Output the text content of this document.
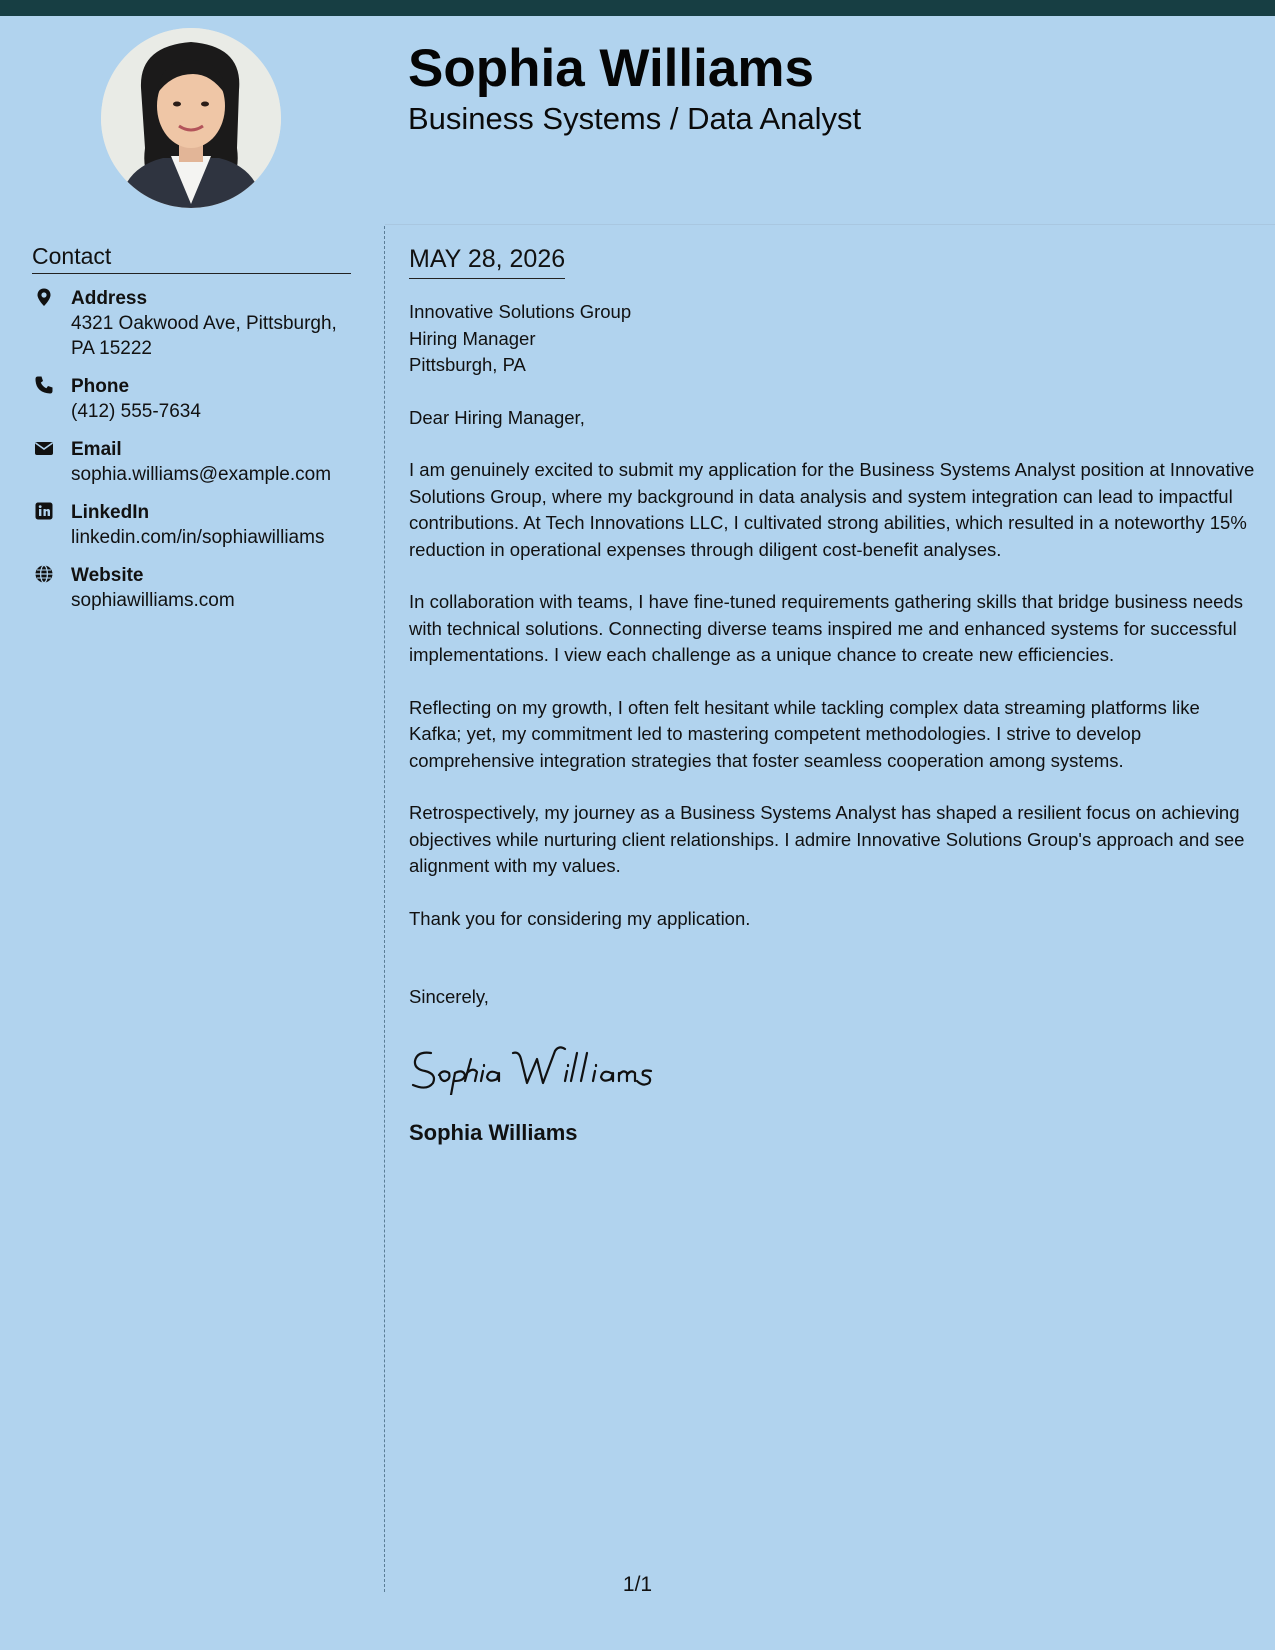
Sophia Williams
Business Systems / Data Analyst
Contact
Address
4321 Oakwood Ave, Pittsburgh, PA 15222
Phone
(412) 555-7634
Email
sophia.williams@example.com
LinkedIn
linkedin.com/in/sophiawilliams
Website
sophiawilliams.com
MAY 28, 2026
Innovative Solutions Group
Hiring Manager
Pittsburgh, PA

Dear Hiring Manager,

I am genuinely excited to submit my application for the Business Systems Analyst position at Innovative Solutions Group, where my background in data analysis and system integration can lead to impactful contributions. At Tech Innovations LLC, I cultivated strong abilities, which resulted in a noteworthy 15% reduction in operational expenses through diligent cost-benefit analyses.

In collaboration with teams, I have fine-tuned requirements gathering skills that bridge business needs with technical solutions. Connecting diverse teams inspired me and enhanced systems for successful implementations. I view each challenge as a unique chance to create new efficiencies.

Reflecting on my growth, I often felt hesitant while tackling complex data streaming platforms like Kafka; yet, my commitment led to mastering competent methodologies. I strive to develop comprehensive integration strategies that foster seamless cooperation among systems.

Retrospectively, my journey as a Business Systems Analyst has shaped a resilient focus on achieving objectives while nurturing client relationships. I admire Innovative Solutions Group's approach and see alignment with my values.

Thank you for considering my application.

Sincerely,

Sophia Williams

1/1
